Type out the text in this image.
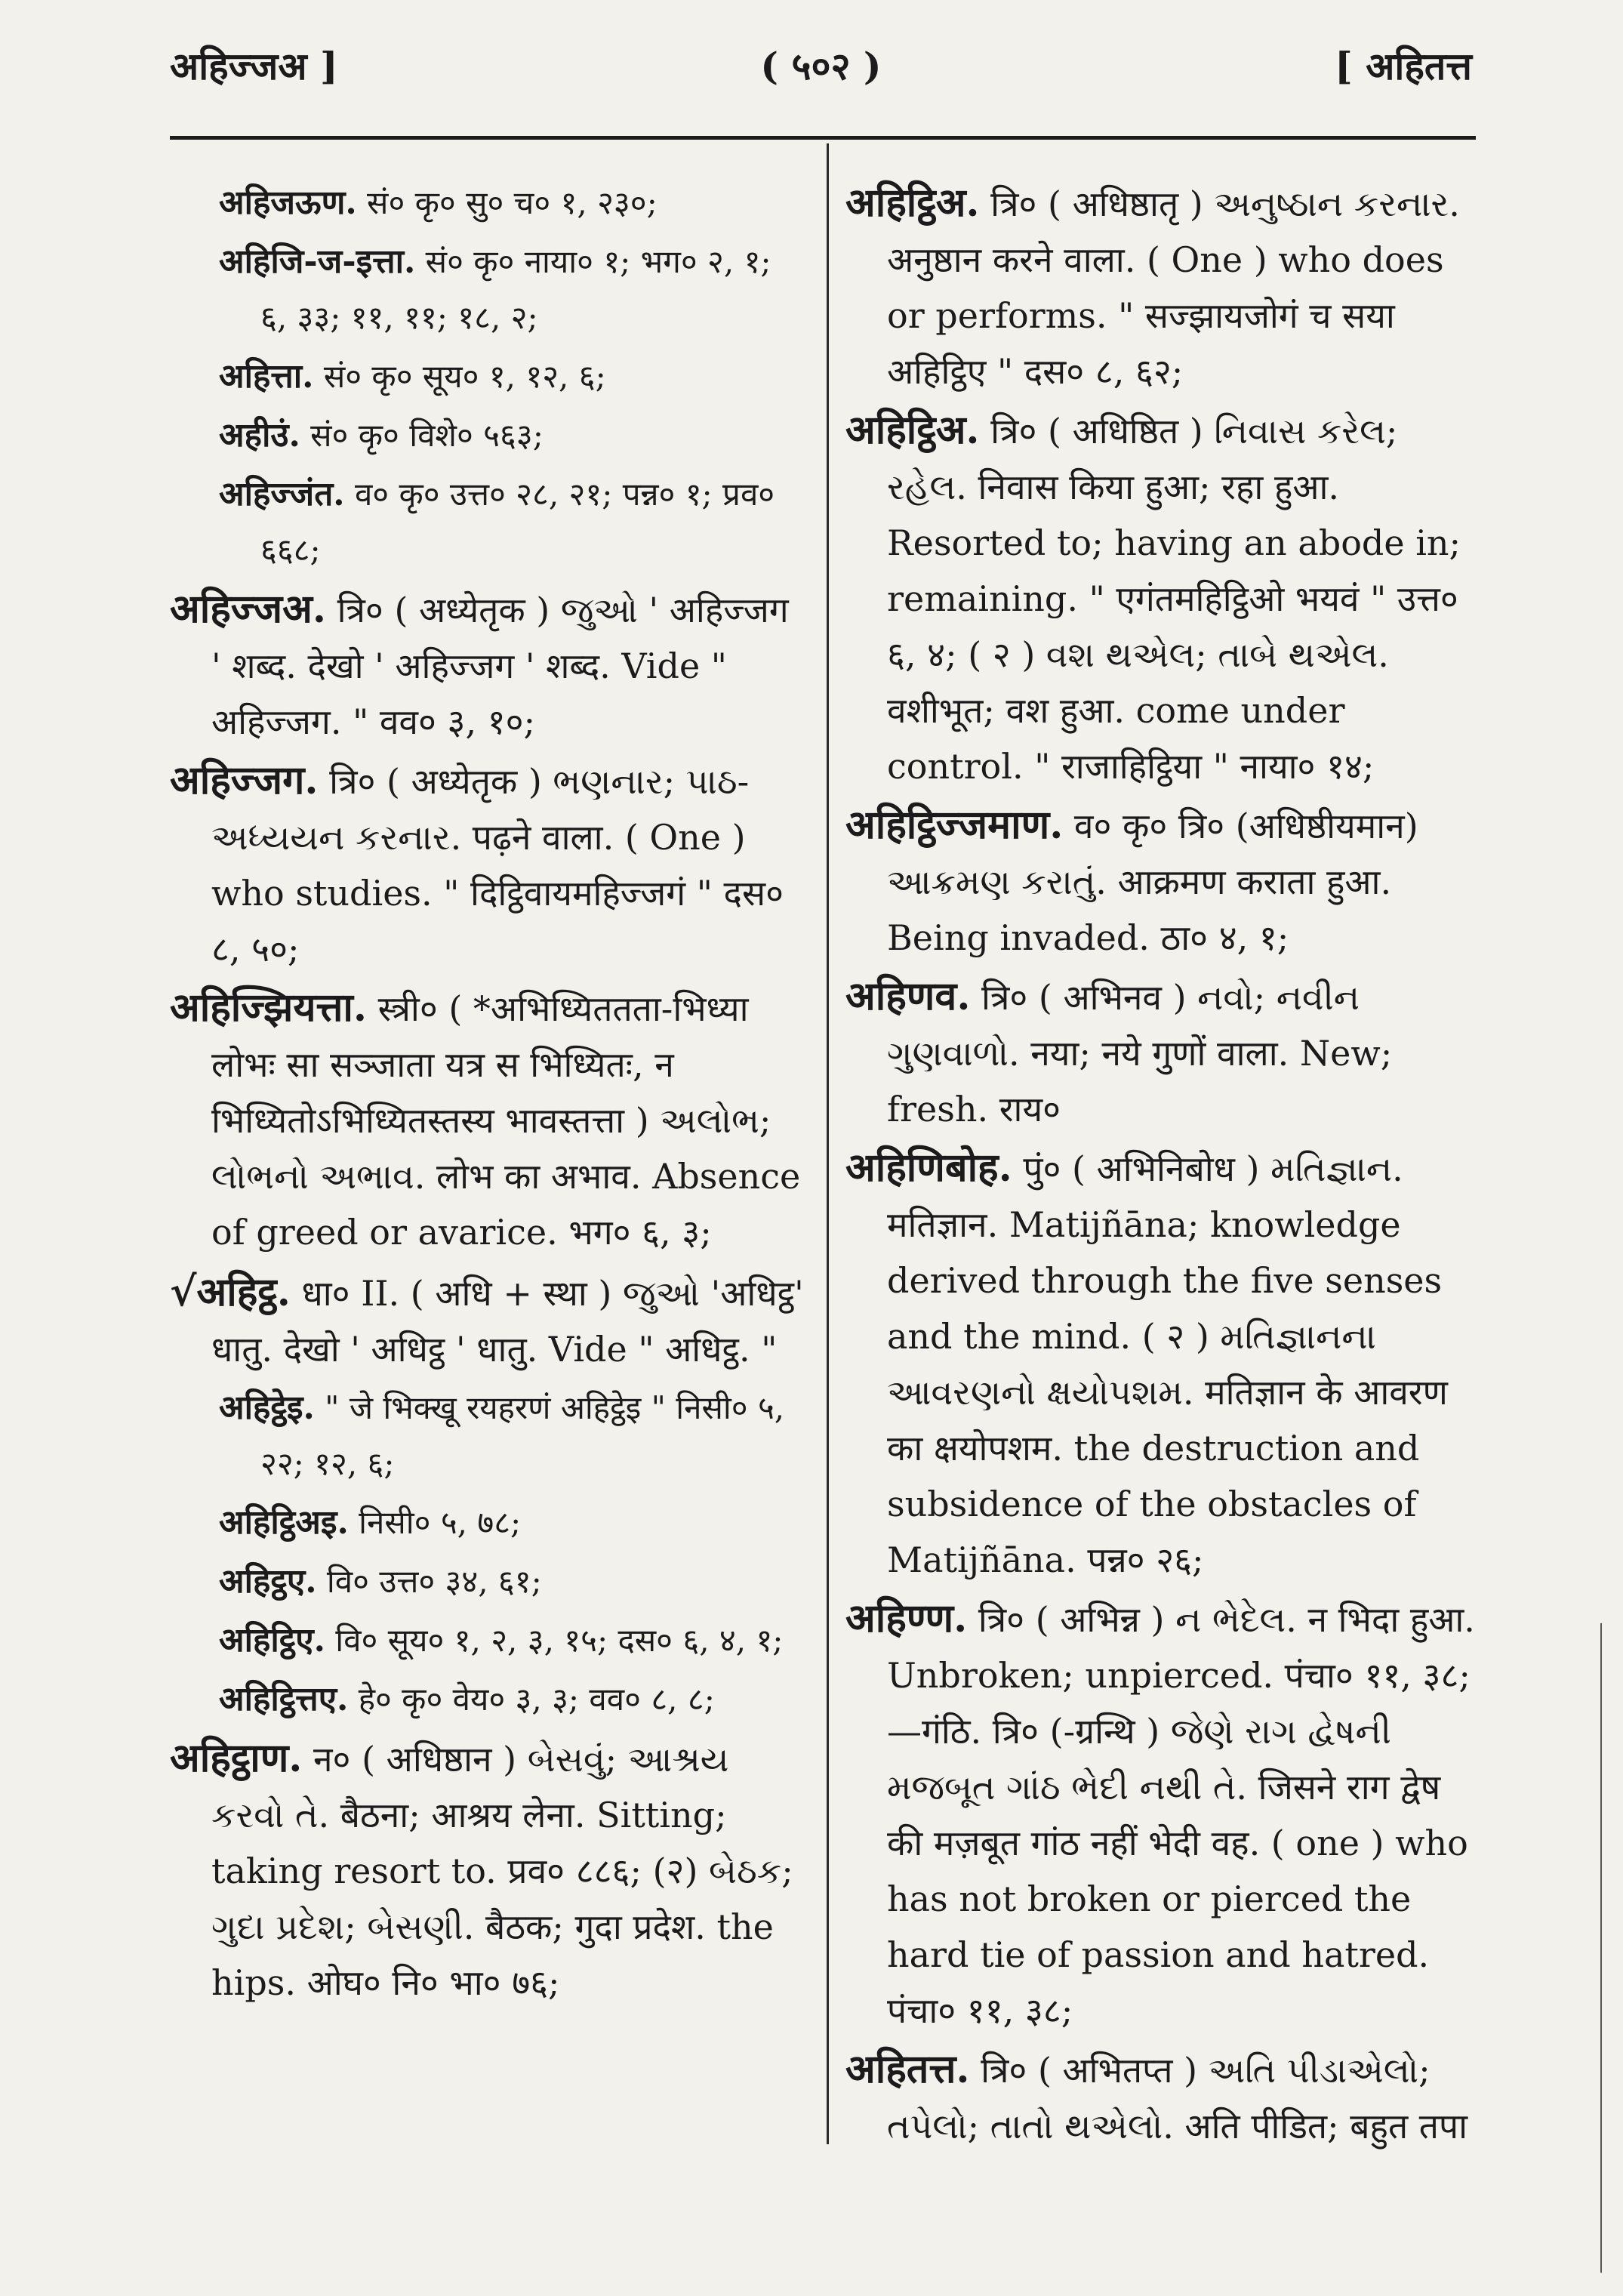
अहिज्जअ ]	( ५०२ )	[ अहितत्त
अहिजऊण. सं० कृ० सु० च० १, २३०;
अहिजि-ज-इत्ता. सं० कृ० नाया० १; भग० २, १; ६, ३३; ११, ११; १८, २;
अहित्ता. सं० कृ० सूय० १, १२, ६;
अहीउं. सं० कृ० विशे० ५६३;
अहिज्जंत. व० कृ० उत्त० २८, २१; पन्न० १; प्रव० ६६८;
अहिज्जअ. त्रि० ( अध्येतृक ) જુઓ ' अहिज्जग ' शब्द. देखो ' अहिज्जग ' शब्द. Vide " अहिज्जग. " वव० ३, १०;
अहिज्जग. त्रि० ( अध्येतृक ) ભણનાર; પાઠ-અધ્યયન કરનાર. पढ़ने वाला. ( One ) who studies. " दिट्ठिवायमहिज्जगं " दस० ८, ५०;
अहिज्झियत्ता. स्त्री० ( *अभिध्यिततता-भिध्या लोभः सा सञ्जाता यत्र स भिध्यितः, न भिध्यितोऽभिध्यितस्तस्य भावस्तत्ता ) અલોભ; લોભનો અભાવ. लोभ का अभाव. Absence of greed or avarice. भग० ६, ३;
√अहिट्ठ. धा० II. ( अधि + स्था ) જુઓ 'अधिट्ठ' धातु. देखो ' अधिट्ठ ' धातु. Vide " अधिट्ठ. "
अहिट्ठेइ. " जे भिक्खू रयहरणं अहिट्ठेइ " निसी० ५, २२; १२, ६;
अहिट्ठिअइ. निसी० ५, ७८;
अहिट्ठए. वि० उत्त० ३४, ६१;
अहिट्ठिए. वि० सूय० १, २, ३, १५; दस० ६, ४, १;
अहिट्ठित्तए. हे० कृ० वेय० ३, ३; वव० ८, ८;
अहिट्ठाण. न० ( अधिष्ठान ) બેસવું; આશ્રય કરવો તે. बैठना; आश्रय लेना. Sitting; taking resort to. प्रव० ८८६; (२) બેઠક; ગુદા પ્રદેશ; બેસણી. बैठक; गुदा प्रदेश. the hips. ओघ० नि० भा० ७६;
अहिट्ठिअ. त्रि० ( अधिष्ठातृ ) અનુષ્ઠાન કરનાર. अनुष्ठान करने वाला. ( One ) who does or performs. " सज्झायजोगं च सया अहिट्ठिए " दस० ८, ६२;
अहिट्ठिअ. त्रि० ( अधिष्ठित ) નિવાસ કરેલ; રહેલ. निवास किया हुआ; रहा हुआ. Resorted to; having an abode in; remaining. " एगंतमहिट्ठिओ भयवं " उत्त० ६, ४; ( २ ) વશ થએલ; તાબે થએલ. वशीभूत; वश हुआ. come under control. " राजाहिट्ठिया " नाया० १४;
अहिट्ठिज्जमाण. व० कृ० त्रि० (अधिष्ठीयमान) આક્રમણ કરાતું. आक्रमण कराता हुआ. Being invaded. ठा० ४, १;
अहिणव. त्रि० ( अभिनव ) નવો; નવીન ગુણવાળો. नया; नये गुणों वाला. New; fresh. राय०
अहिणिबोह. पुं० ( अभिनिबोध ) મતિજ્ઞાન. मतिज्ञान. Matijñāna; knowledge derived through the five senses and the mind. ( २ ) મતિજ્ઞાનના આવરણનો ક્ષયોપશમ. मतिज्ञान के आवरण का क्षयोपशम. the destruction and subsidence of the obstacles of Matijñāna. पन्न० २६;
अहिण्ण. त्रि० ( अभिन्न ) ન ભેદેલ. न भिदा हुआ. Unbroken; unpierced. पंचा० ११, ३८;—गंठि. त्रि० (-ग्रन्थि ) જેણે રાગ દ્વેષની મજબૂત ગાંઠ ભેદી નથી તે. जिसने राग द्वेष की मज़बूत गांठ नहीं भेदी वह. ( one ) who has not broken or pierced the hard tie of passion and hatred. पंचा० ११, ३८;
अहितत्त. त्रि० ( अभितप्त ) અતિ પીડાએલો; તપેલો; તાતો થએલો. अति पीडित; बहुत तपा
